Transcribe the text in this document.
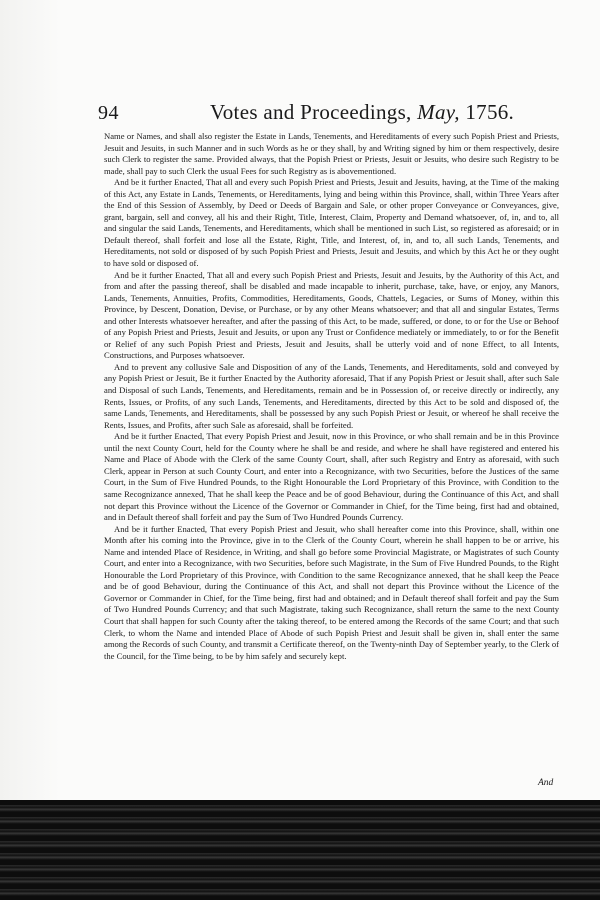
94	Votes and Proceedings, May, 1756.

Name or Names, and shall also register the Estate in Lands, Tenements, and Hereditaments of every such Popish Priest and Priests, Jesuit and Jesuits, in such Manner and in such Words as he or they shall, by and Writing signed by him or them respectively, desire such Clerk to register the same. Provided always, that the Popish Priest or Priests, Jesuit or Jesuits, who desire such Registry to be made, shall pay to such Clerk the usual Fees for such Registry as is abovementioned.

And be it further Enacted, That all and every such Popish Priest and Priests, Jesuit and Jesuits, having, at the Time of the making of this Act, any Estate in Lands, Tenements, or Hereditaments, lying and being within this Province, shall, within Three Years after the End of this Session of Assembly, by Deed or Deeds of Bargain and Sale, or other proper Conveyance or Conveyances, give, grant, bargain, sell and convey, all his and their Right, Title, Interest, Claim, Property and Demand whatsoever, of, in, and to, all and singular the said Lands, Tenements, and Hereditaments, which shall be mentioned in such List, so registered as aforesaid; or in Default thereof, shall forfeit and lose all the Estate, Right, Title, and Interest, of, in, and to, all such Lands, Tenements, and Hereditaments, not sold or disposed of by such Popish Priest and Priests, Jesuit and Jesuits, and which by this Act he or they ought to have sold or disposed of.

And be it further Enacted, That all and every such Popish Priest and Priests, Jesuit and Jesuits, by the Authority of this Act, and from and after the passing thereof, shall be disabled and made incapable to inherit, purchase, take, have, or enjoy, any Manors, Lands, Tenements, Annuities, Profits, Commodities, Hereditaments, Goods, Chattels, Legacies, or Sums of Money, within this Province, by Descent, Donation, Devise, or Purchase, or by any other Means whatsoever; and that all and singular Estates, Terms and other Interests whatsoever hereafter, and after the passing of this Act, to be made, suffered, or done, to or for the Use or Behoof of any Popish Priest and Priests, Jesuit and Jesuits, or upon any Trust or Confidence mediately or immediately, to or for the Benefit or Relief of any such Popish Priest and Priests, Jesuit and Jesuits, shall be utterly void and of none Effect, to all Intents, Constructions, and Purposes whatsoever.

And to prevent any collusive Sale and Disposition of any of the Lands, Tenements, and Hereditaments, sold and conveyed by any Popish Priest or Jesuit, Be it further Enacted by the Authority aforesaid, That if any Popish Priest or Jesuit shall, after such Sale and Disposal of such Lands, Tenements, and Hereditaments, remain and be in Possession of, or receive directly or indirectly, any Rents, Issues, or Profits, of any such Lands, Tenements, and Hereditaments, directed by this Act to be sold and disposed of, the same Lands, Tenements, and Hereditaments, shall be possessed by any such Popish Priest or Jesuit, or whereof he shall receive the Rents, Issues, and Profits, after such Sale as aforesaid, shall be forfeited.

And be it further Enacted, That every Popish Priest and Jesuit, now in this Province, or who shall remain and be in this Province until the next County Court, held for the County where he shall be and reside, and where he shall have registered and entered his Name and Place of Abode with the Clerk of the same County Court, shall, after such Registry and Entry as aforesaid, with such Clerk, appear in Person at such County Court, and enter into a Recognizance, with two Securities, before the Justices of the same Court, in the Sum of Five Hundred Pounds, to the Right Honourable the Lord Proprietary of this Province, with Condition to the same Recognizance annexed, That he shall keep the Peace and be of good Behaviour, during the Continuance of this Act, and shall not depart this Province without the Licence of the Governor or Commander in Chief, for the Time being, first had and obtained, and in Default thereof shall forfeit and pay the Sum of Two Hundred Pounds Currency.

And be it further Enacted, That every Popish Priest and Jesuit, who shall hereafter come into this Province, shall, within one Month after his coming into the Province, give in to the Clerk of the County Court, wherein he shall happen to be or arrive, his Name and intended Place of Residence, in Writing, and shall go before some Provincial Magistrate, or Magistrates of such County Court, and enter into a Recognizance, with two Securities, before such Magistrate, in the Sum of Five Hundred Pounds, to the Right Honourable the Lord Proprietary of this Province, with Condition to the same Recognizance annexed, that he shall keep the Peace and be of good Behaviour, during the Continuance of this Act, and shall not depart this Province without the Licence of the Governor or Commander in Chief, for the Time being, first had and obtained; and in Default thereof shall forfeit and pay the Sum of Two Hundred Pounds Currency; and that such Magistrate, taking such Recognizance, shall return the same to the next County Court that shall happen for such County after the taking thereof, to be entered among the Records of the same Court; and that such Clerk, to whom the Name and intended Place of Abode of such Popish Priest and Jesuit shall be given in, shall enter the same among the Records of such County, and transmit a Certificate thereof, on the Twenty-ninth Day of September yearly, to the Clerk of the Council, for the Time being, to be by him safely and securely kept.

And
